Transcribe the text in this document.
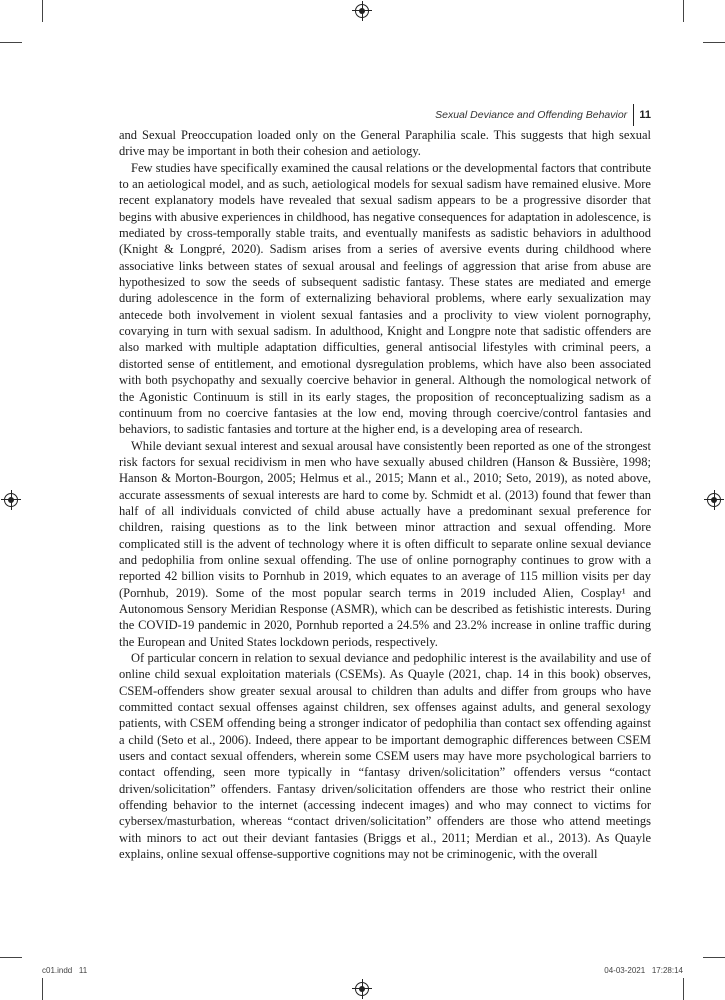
Sexual Deviance and Offending Behavior 11

and Sexual Preoccupation loaded only on the General Paraphilia scale. This suggests that high sexual drive may be important in both their cohesion and aetiology.

Few studies have specifically examined the causal relations or the developmental factors that contribute to an aetiological model, and as such, aetiological models for sexual sadism have remained elusive. More recent explanatory models have revealed that sexual sadism appears to be a progressive disorder that begins with abusive experiences in childhood, has negative consequences for adaptation in adolescence, is mediated by cross-temporally stable traits, and eventually manifests as sadistic behaviors in adulthood (Knight & Longpré, 2020). Sadism arises from a series of aversive events during childhood where associative links between states of sexual arousal and feelings of aggression that arise from abuse are hypothesized to sow the seeds of subsequent sadistic fantasy. These states are mediated and emerge during adolescence in the form of externalizing behavioral problems, where early sexualization may antecede both involvement in violent sexual fantasies and a proclivity to view violent pornography, covarying in turn with sexual sadism. In adulthood, Knight and Longpre note that sadistic offenders are also marked with multiple adaptation difficulties, general antisocial lifestyles with criminal peers, a distorted sense of entitlement, and emotional dysregulation problems, which have also been associated with both psychopathy and sexually coercive behavior in general. Although the nomological network of the Agonistic Continuum is still in its early stages, the proposition of reconceptualizing sadism as a continuum from no coercive fantasies at the low end, moving through coercive/control fantasies and behaviors, to sadistic fantasies and torture at the higher end, is a developing area of research.

While deviant sexual interest and sexual arousal have consistently been reported as one of the strongest risk factors for sexual recidivism in men who have sexually abused children (Hanson & Bussière, 1998; Hanson & Morton-Bourgon, 2005; Helmus et al., 2015; Mann et al., 2010; Seto, 2019), as noted above, accurate assessments of sexual interests are hard to come by. Schmidt et al. (2013) found that fewer than half of all individuals convicted of child abuse actually have a predominant sexual preference for children, raising questions as to the link between minor attraction and sexual offending. More complicated still is the advent of technology where it is often difficult to separate online sexual deviance and pedophilia from online sexual offending. The use of online pornography continues to grow with a reported 42 billion visits to Pornhub in 2019, which equates to an average of 115 million visits per day (Pornhub, 2019). Some of the most popular search terms in 2019 included Alien, Cosplay¹ and Autonomous Sensory Meridian Response (ASMR), which can be described as fetishistic interests. During the COVID-19 pandemic in 2020, Pornhub reported a 24.5% and 23.2% increase in online traffic during the European and United States lockdown periods, respectively.

Of particular concern in relation to sexual deviance and pedophilic interest is the availability and use of online child sexual exploitation materials (CSEMs). As Quayle (2021, chap. 14 in this book) observes, CSEM-offenders show greater sexual arousal to children than adults and differ from groups who have committed contact sexual offenses against children, sex offenses against adults, and general sexology patients, with CSEM offending being a stronger indicator of pedophilia than contact sex offending against a child (Seto et al., 2006). Indeed, there appear to be important demographic differences between CSEM users and contact sexual offenders, wherein some CSEM users may have more psychological barriers to contact offending, seen more typically in “fantasy driven/solicitation” offenders versus “contact driven/solicitation” offenders. Fantasy driven/solicitation offenders are those who restrict their online offending behavior to the internet (accessing indecent images) and who may connect to victims for cybersex/masturbation, whereas “contact driven/solicitation” offenders are those who attend meetings with minors to act out their deviant fantasies (Briggs et al., 2011; Merdian et al., 2013). As Quayle explains, online sexual offense-supportive cognitions may not be criminogenic, with the overall

c01.indd   11	04-03-2021   17:28:14
